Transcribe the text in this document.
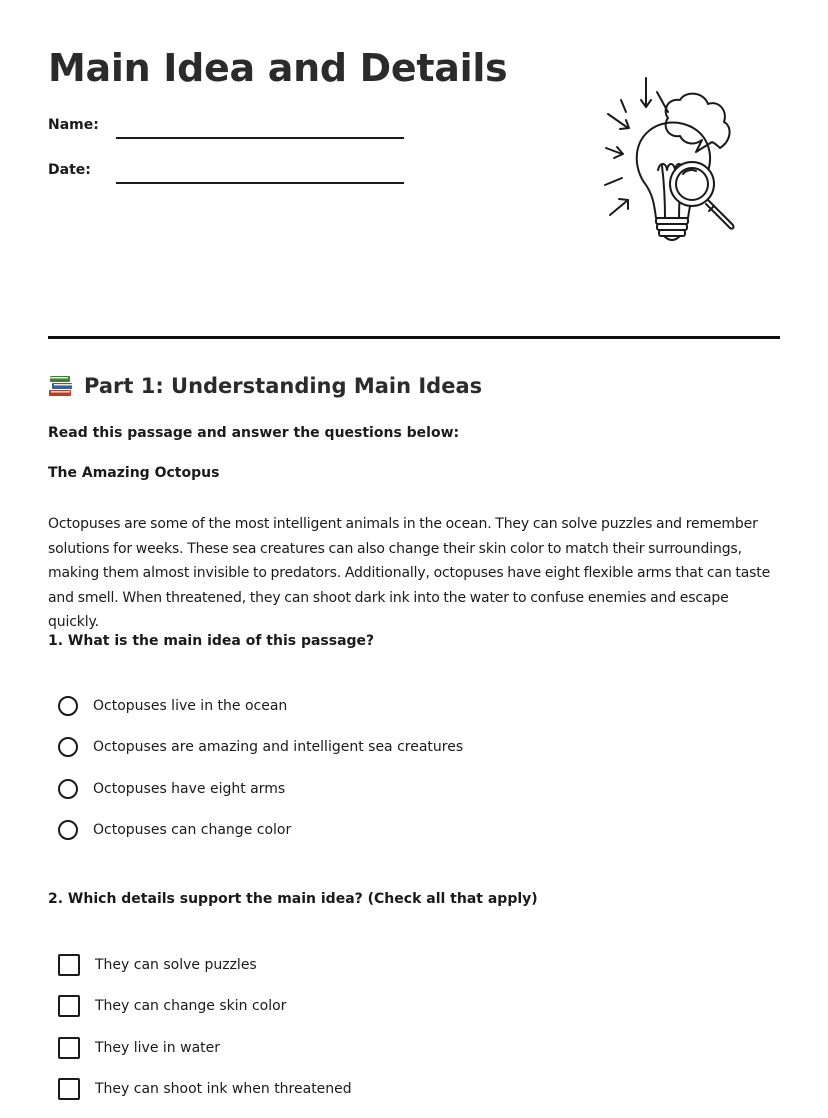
Main Idea and Details
Name:
Date:
Part 1: Understanding Main Ideas
Read this passage and answer the questions below:
The Amazing Octopus

Octopuses are some of the most intelligent animals in the ocean. They can solve puzzles and remember solutions for weeks. These sea creatures can also change their skin color to match their surroundings, making them almost invisible to predators. Additionally, octopuses have eight flexible arms that can taste and smell. When threatened, they can shoot dark ink into the water to confuse enemies and escape quickly.

1. What is the main idea of this passage?
Octopuses live in the ocean
Octopuses are amazing and intelligent sea creatures
Octopuses have eight arms
Octopuses can change color
2. Which details support the main idea? (Check all that apply)
They can solve puzzles
They can change skin color
They live in water
They can shoot ink when threatened
